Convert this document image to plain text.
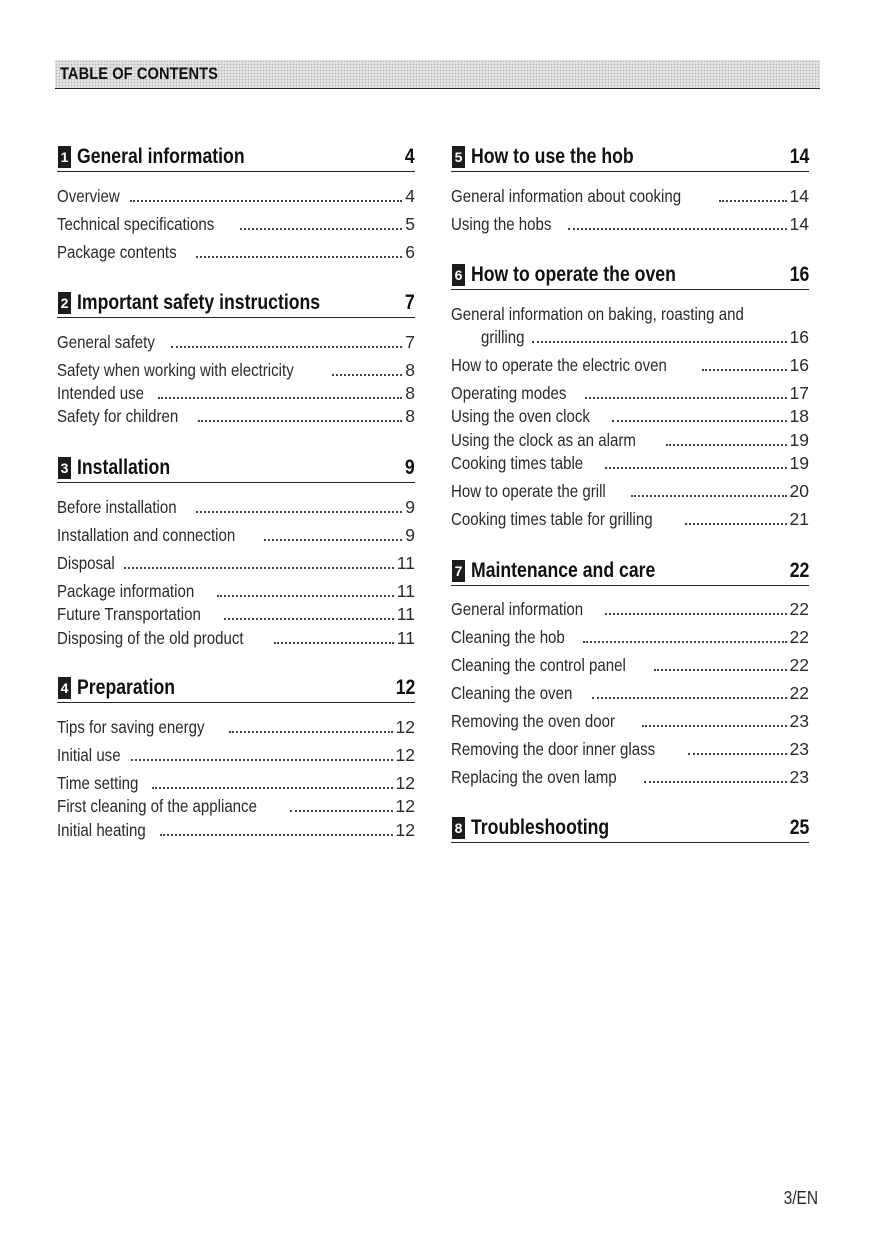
TABLE OF CONTENTS
1 General information	4
Overview	4
Technical specifications	5
Package contents	6
2 Important safety instructions	7
General safety	7
Safety when working with electricity	8
Intended use	8
Safety for children	8
3 Installation	9
Before installation	9
Installation and connection	9
Disposal	11
Package information	11
Future Transportation	11
Disposing of the old product	11
4 Preparation	12
Tips for saving energy	12
Initial use	12
Time setting	12
First cleaning of the appliance	12
Initial heating	12
5 How to use the hob	14
General information about cooking	14
Using the hobs	14
6 How to operate the oven	16
General information on baking, roasting and
grilling	16
How to operate the electric oven	16
Operating modes	17
Using the oven clock	18
Using the clock as an alarm	19
Cooking times table	19
How to operate the grill	20
Cooking times table for grilling	21
7 Maintenance and care	22
General information	22
Cleaning the hob	22
Cleaning the control panel	22
Cleaning the oven	22
Removing the oven door	23
Removing the door inner glass	23
Replacing the oven lamp	23
8 Troubleshooting	25
3/EN
